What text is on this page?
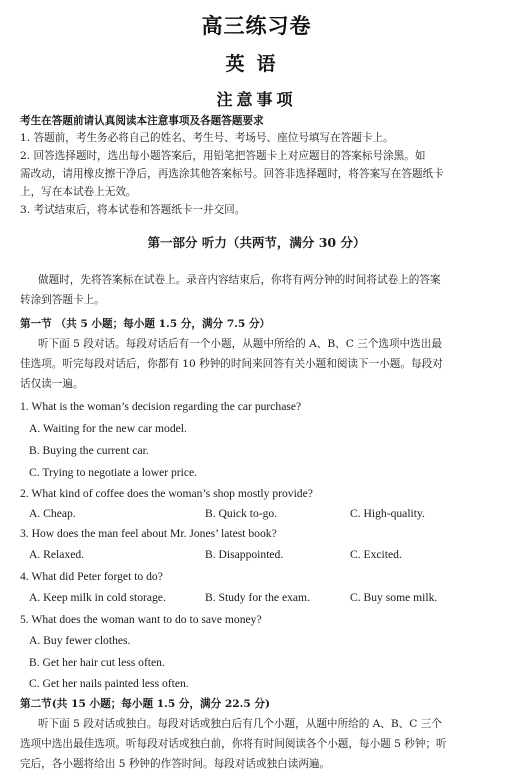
高三练习卷
英语
注意事项
考生在答题前请认真阅读本注意事项及各题答题要求
1. 答题前，考生务必将自己的姓名、考生号、考场号、座位号填写在答题卡上。
2. 回答选择题时，选出每小题答案后，用铅笔把答题卡上对应题目的答案标号涂黑。如
需改动，请用橡皮擦干净后，再选涂其他答案标号。回答非选择题时，将答案写在答题纸卡
上，写在本试卷上无效。
3. 考试结束后，将本试卷和答题纸卡一并交回。
第一部分 听力（共两节，满分 30 分）
做题时，先将答案标在试卷上。录音内容结束后，你将有两分钟的时间将试卷上的答案
转涂到答题卡上。
第一节 （共 5 小题；每小题 1.5 分，满分 7.5 分）
听下面 5 段对话。每段对话后有一个小题，从题中所给的 A、B、C 三个选项中选出最
佳选项。听完每段对话后，你都有 10 秒钟的时间来回答有关小题和阅读下一小题。每段对
话仅读一遍。
1. What is the woman’s decision regarding the car purchase?
A. Waiting for the new car model.
B. Buying the current car.
C. Trying to negotiate a lower price.
2. What kind of coffee does the woman’s shop mostly provide?
A. Cheap.	B. Quick to-go.	C. High-quality.
3. How does the man feel about Mr. Jones’ latest book?
A. Relaxed.	B. Disappointed.	C. Excited.
4. What did Peter forget to do?
A. Keep milk in cold storage.	B. Study for the exam.	C. Buy some milk.
5. What does the woman want to do to save money?
A. Buy fewer clothes.
B. Get her hair cut less often.
C. Get her nails painted less often.
第二节(共 15 小题；每小题 1.5 分，满分 22.5 分)
听下面 5 段对话或独白。每段对话或独白后有几个小题，从题中所给的 A、B、C 三个
选项中选出最佳选项。听每段对话或独白前，你将有时间阅读各个小题，每小题 5 秒钟；听
完后，各小题将给出 5 秒钟的作答时间。每段对话或独白读两遍。
